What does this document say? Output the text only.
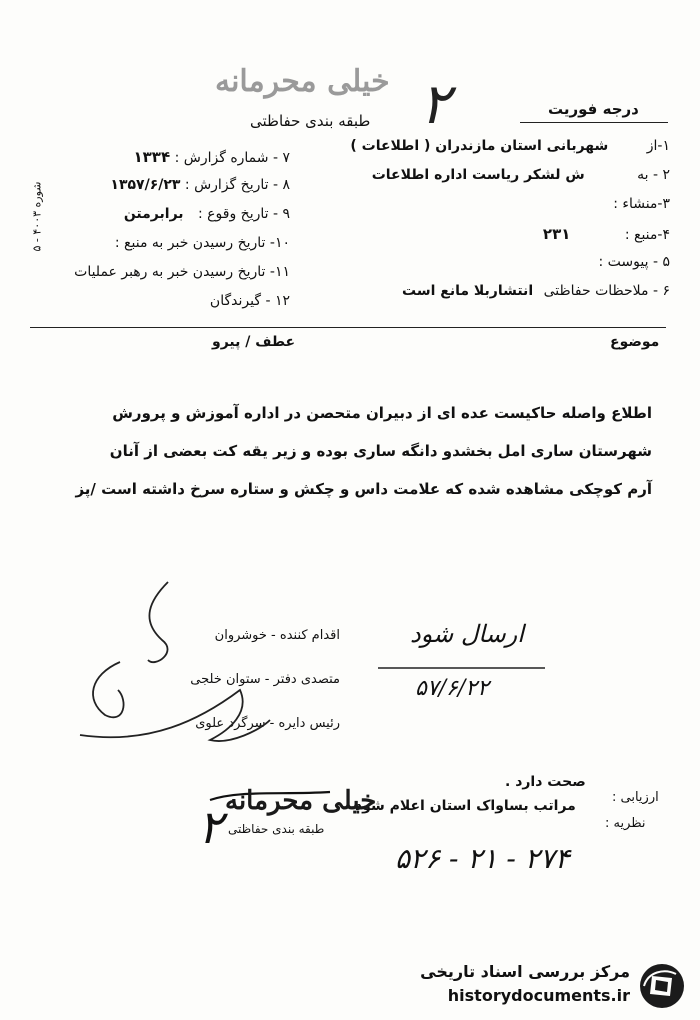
خیلی محرمانه
طبقه بندی حفاظتی ۲	درجه فوریت
۱-از شهربانی استان مازندران ( اطلاعات )
۲ - به ش لشکر ریاست اداره اطلاعات
۳-منشاء :
۴-منبع : ۲۳۱
۵ - پیوست :
۶ - ملاحظات حفاظتی انتشاربلا مانع است
۷ - شماره گزارش : ۱۳۳۴
۸ - تاریخ گزارش : ۱۳۵۷/۶/۲۳
۹ - تاریخ وقوع : برابرمتن
۱۰- تاریخ رسیدن خبر به منبع :
۱۱- تاریخ رسیدن خبر به رهبر عملیات
۱۲ - گیرندگان
شوره ۴۰۰۳ - ۵
موضوع
عطف / پیرو
اطلاع واصله حاکیست عده ای از دبیران متحصن در اداره آموزش و پرورش
شهرستان ساری امل بخشدو دانگه ساری بوده و زیر یقه کت بعضی از آنان
آرم کوچکی مشاهده شده که علامت داس و چکش و ستاره سرخ داشته است /پز
اقدام کننده - خوشروان
متصدی دفتر - ستوان خلجی
رئیس دایره - سرگرد علوی
ارسال شود
۵۷/۶/۲۲
ارزیابی :
صحت دارد .
نظریه :
مراتب بساواک استان اعلام شود
خیلی محرمانه
طبقه بندی حفاظتی
۲
۵۲۶ - ۲۱ - ۲۷۴
مرکز بررسی اسناد تاریخی
historydocuments.ir
